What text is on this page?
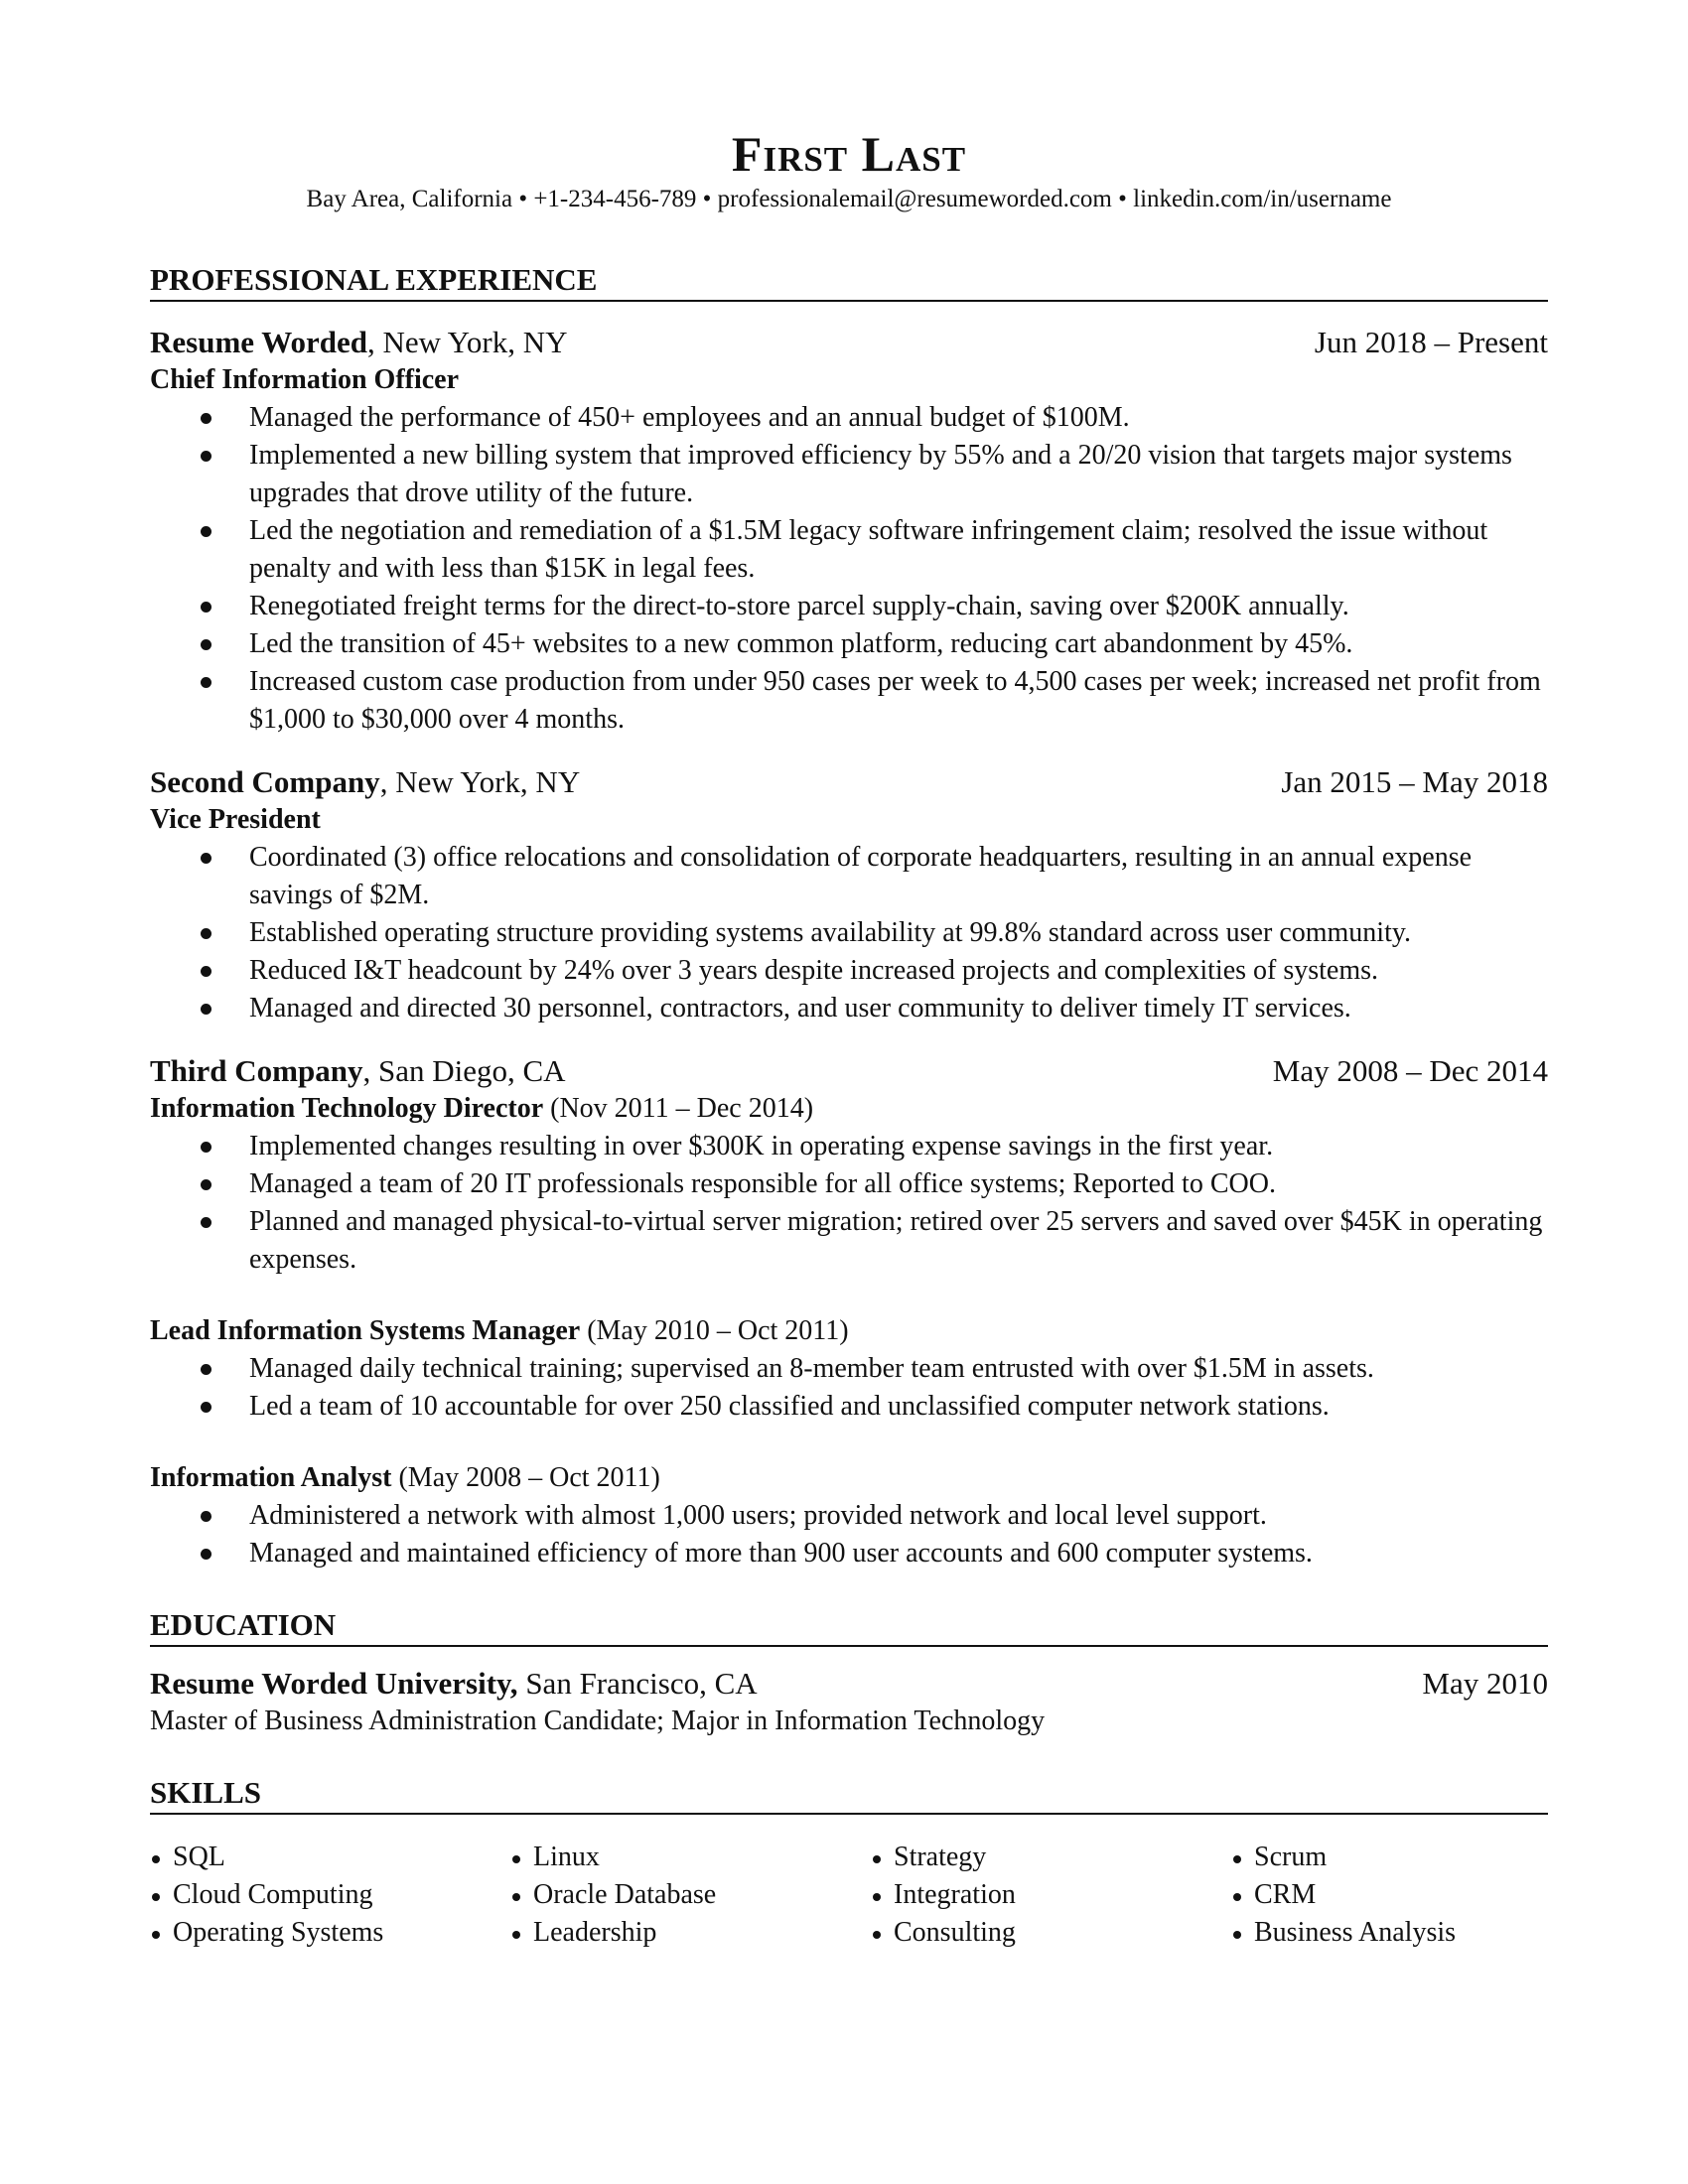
First Last
Bay Area, California • +1-234-456-789 • professionalemail@resumeworded.com • linkedin.com/in/username
PROFESSIONAL EXPERIENCE
Resume Worded, New York, NY	Jun 2018 – Present
Chief Information Officer
Managed the performance of 450+ employees and an annual budget of $100M.
Implemented a new billing system that improved efficiency by 55% and a 20/20 vision that targets major systems upgrades that drove utility of the future.
Led the negotiation and remediation of a $1.5M legacy software infringement claim; resolved the issue without penalty and with less than $15K in legal fees.
Renegotiated freight terms for the direct-to-store parcel supply-chain, saving over $200K annually.
Led the transition of 45+ websites to a new common platform, reducing cart abandonment by 45%.
Increased custom case production from under 950 cases per week to 4,500 cases per week; increased net profit from $1,000 to $30,000 over 4 months.
Second Company, New York, NY	Jan 2015 – May 2018
Vice President
Coordinated (3) office relocations and consolidation of corporate headquarters, resulting in an annual expense savings of $2M.
Established operating structure providing systems availability at 99.8% standard across user community.
Reduced I&T headcount by 24% over 3 years despite increased projects and complexities of systems.
Managed and directed 30 personnel, contractors, and user community to deliver timely IT services.
Third Company, San Diego, CA	May 2008 – Dec 2014
Information Technology Director (Nov 2011 – Dec 2014)
Implemented changes resulting in over $300K in operating expense savings in the first year.
Managed a team of 20 IT professionals responsible for all office systems; Reported to COO.
Planned and managed physical-to-virtual server migration; retired over 25 servers and saved over $45K in operating expenses.
Lead Information Systems Manager (May 2010 – Oct 2011)
Managed daily technical training; supervised an 8-member team entrusted with over $1.5M in assets.
Led a team of 10 accountable for over 250 classified and unclassified computer network stations.
Information Analyst (May 2008 – Oct 2011)
Administered a network with almost 1,000 users; provided network and local level support.
Managed and maintained efficiency of more than 900 user accounts and 600 computer systems.
EDUCATION
Resume Worded University, San Francisco, CA	May 2010
Master of Business Administration Candidate; Major in Information Technology
SKILLS
SQL
Cloud Computing
Operating Systems
Linux
Oracle Database
Leadership
Strategy
Integration
Consulting
Scrum
CRM
Business Analysis
